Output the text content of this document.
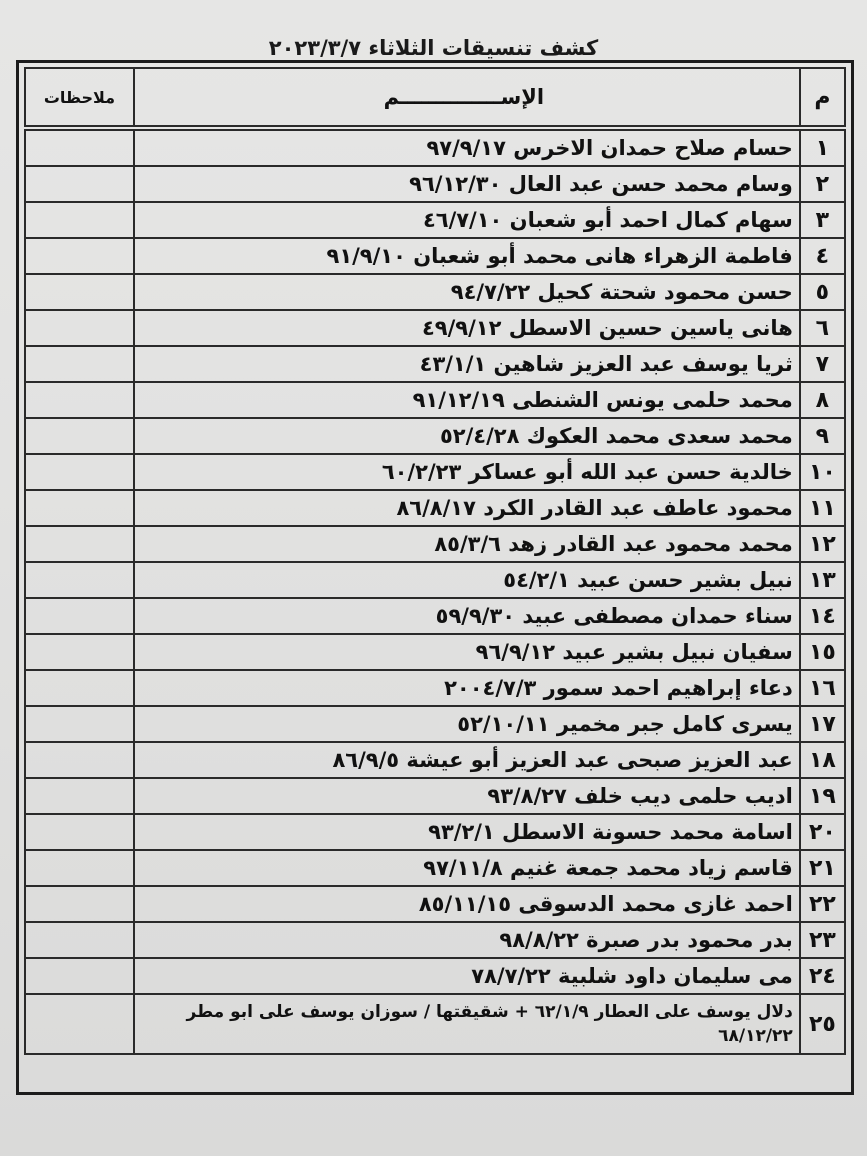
كشف تنسيقات الثلاثاء ٢٠٢٣/٣/٧
م	الإســــــــــــــم	ملاحظات

١	حسام صلاح حمدان الاخرس ٩٧/٩/١٧	
٢	وسام محمد حسن عبد العال ٩٦/١٢/٣٠	
٣	سهام كمال احمد أبو شعبان ٤٦/٧/١٠	
٤	فاطمة الزهراء هانى محمد أبو شعبان ٩١/٩/١٠	
٥	حسن محمود شحتة كحيل ٩٤/٧/٢٢	
٦	هانى ياسين حسين الاسطل ٤٩/٩/١٢	
٧	ثريا يوسف عبد العزيز شاهين ٤٣/١/١	
٨	محمد حلمى يونس الشنطى ٩١/١٢/١٩	
٩	محمد سعدى محمد العكوك ٥٢/٤/٢٨	
١٠	خالدية حسن عبد الله أبو عساكر ٦٠/٢/٢٣	
١١	محمود عاطف عبد القادر الكرد ٨٦/٨/١٧	
١٢	محمد محمود عبد القادر زهد ٨٥/٣/٦	
١٣	نبيل بشير حسن عبيد ٥٤/٢/١	
١٤	سناء حمدان مصطفى عبيد ٥٩/٩/٣٠	
١٥	سفيان نبيل بشير عبيد ٩٦/٩/١٢	
١٦	دعاء إبراهيم احمد سمور ٢٠٠٤/٧/٣	
١٧	يسرى كامل جبر مخمير ٥٢/١٠/١١	
١٨	عبد العزيز صبحى عبد العزيز أبو عيشة ٨٦/٩/٥	
١٩	اديب حلمى ديب خلف ٩٣/٨/٢٧	
٢٠	اسامة محمد حسونة الاسطل ٩٣/٢/١	
٢١	قاسم زياد محمد جمعة غنيم ٩٧/١١/٨	
٢٢	احمد غازى محمد الدسوقى ٨٥/١١/١٥	
٢٣	بدر محمود بدر صبرة ٩٨/٨/٢٢	
٢٤	مى سليمان داود شلبية ٧٨/٧/٢٢	
٢٥	دلال يوسف على العطار ٦٢/١/٩ + شقيقتها / سوزان يوسف على ابو مطر ٦٨/١٢/٢٢	
